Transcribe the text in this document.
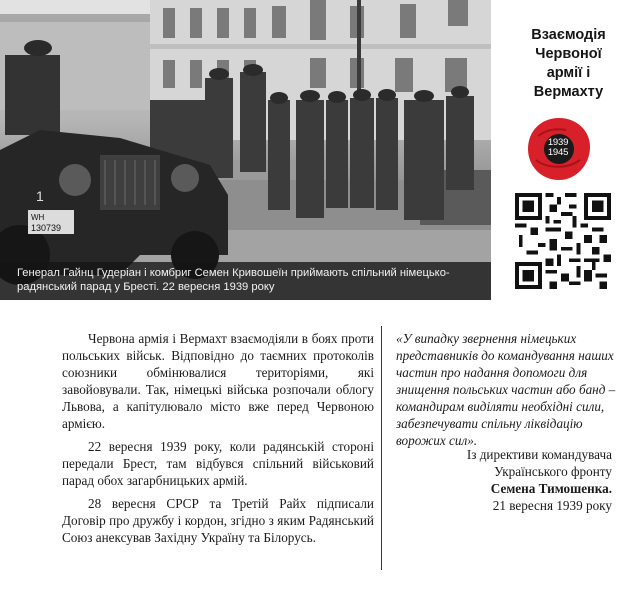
WH
130739
1
Генерал Гайнц Гудеріан і комбриг Семен Кривошеїн приймають спільний німецько-радянський парад у Бресті. 22 вересня 1939 року
Взаємодія
Червоної
армії і
Вермахту
1939
1945

Червона армія і Вермахт взаємодіяли в боях проти польських військ. Відповідно до таємних протоколів союзники обмінювалися територіями, які завойовували. Так, німецькі війська розпочали облогу Львова, а капітулювало місто вже перед Червоною армією.

22 вересня 1939 року, коли радянській стороні передали Брест, там відбувся спільний військовий парад обох загарбницьких армій.

28 вересня СРСР та Третій Райх підписали Договір про дружбу і кордон, згідно з яким Радянський Союз анексував Західну Україну та Білорусь.

«У випадку звернення німецьких представників до командування наших частин про надання допомоги для знищення польських частин або банд – командирам виділяти необхідні сили, забезпечувати спільну ліквідацію ворожих сил».
Із директиви командувача
Українського фронту
Семена Тимошенка.
21 вересня 1939 року
